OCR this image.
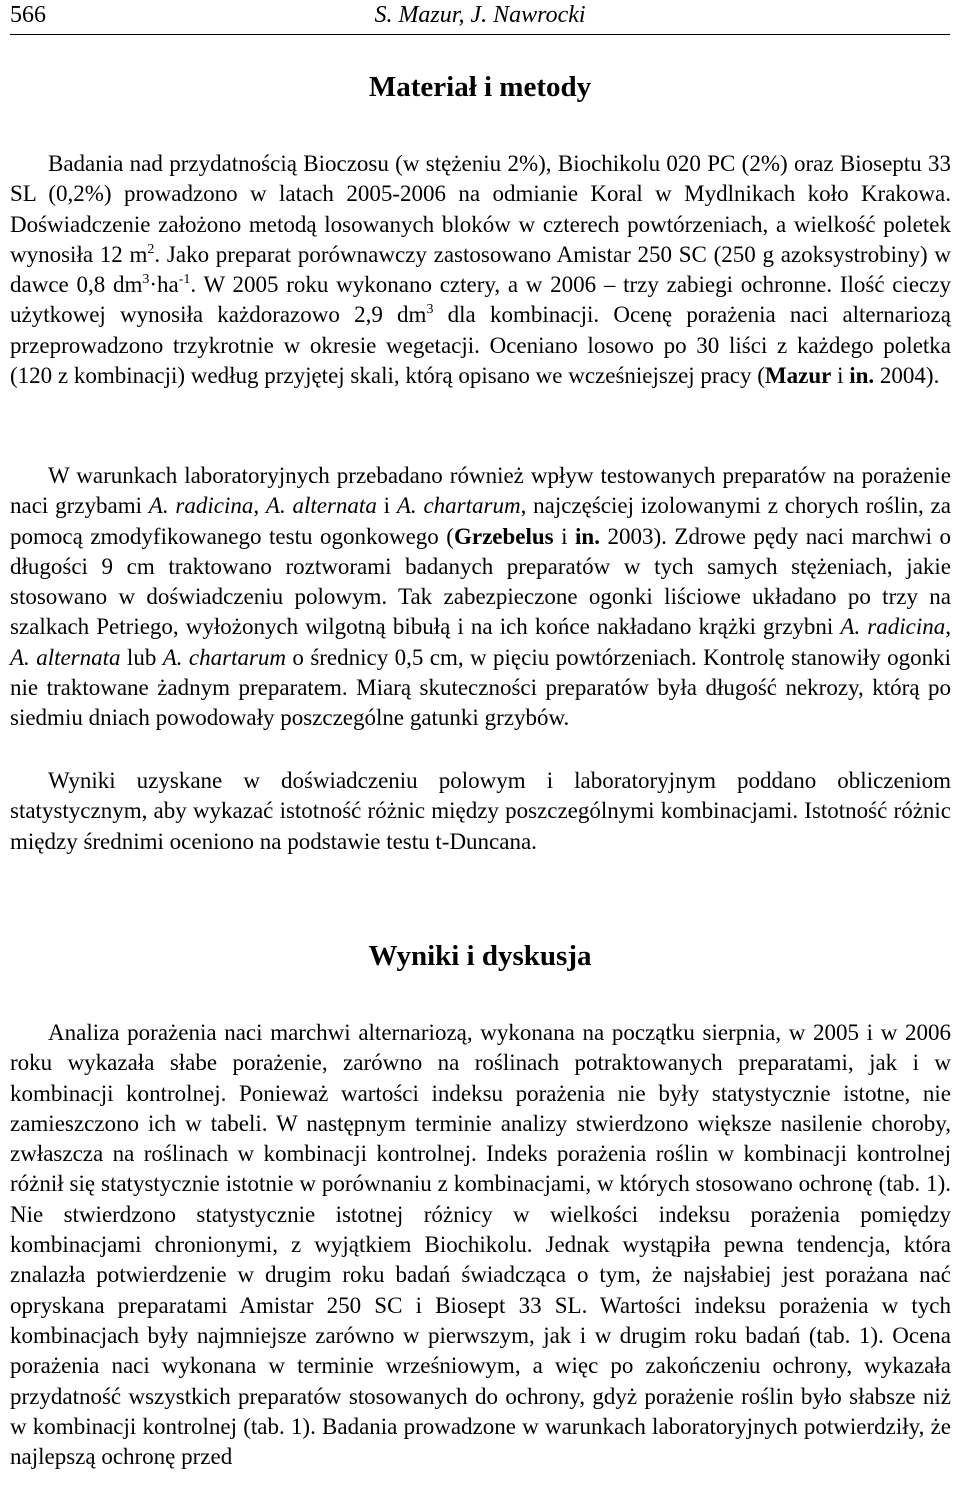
566	S. Mazur, J. Nawrocki
Materiał i metody

Badania nad przydatnością Bioczosu (w stężeniu 2%), Biochikolu 020 PC (2%) oraz Bioseptu 33 SL (0,2%) prowadzono w latach 2005-2006 na odmianie Koral w Mydlnikach koło Krakowa. Doświadczenie założono metodą losowanych bloków w czterech powtórzeniach, a wielkość poletek wynosiła 12 $m^2$. Jako preparat porównawczy zastosowano Amistar 250 SC (250 g azoksystrobiny) w dawce 0,8 $dm^3\cdot ha^{-1}$. W 2005 roku wykonano cztery, a w 2006 – trzy zabiegi ochronne. Ilość cieczy użytkowej wynosiła każdorazowo 2,9 $dm^3$ dla kombinacji. Ocenę porażenia naci alternariozą przeprowadzono trzykrotnie w okresie wegetacji. Oceniano losowo po 30 liści z każdego poletka (120 z kombinacji) według przyjętej skali, którą opisano we wcześniejszej pracy (Mazur i in. 2004).

W warunkach laboratoryjnych przebadano również wpływ testowanych preparatów na porażenie naci grzybami A. radicina, A. alternata i A. chartarum, najczęściej izolowanymi z chorych roślin, za pomocą zmodyfikowanego testu ogonkowego (Grzebelus i in. 2003). Zdrowe pędy naci marchwi o długości 9 cm traktowano roztworami badanych preparatów w tych samych stężeniach, jakie stosowano w doświadczeniu polowym. Tak zabezpieczone ogonki liściowe układano po trzy na szalkach Petriego, wyłożonych wilgotną bibułą i na ich końce nakładano krążki grzybni A. radicina, A. alternata lub A. chartarum o średnicy 0,5 cm, w pięciu powtórzeniach. Kontrolę stanowiły ogonki nie traktowane żadnym preparatem. Miarą skuteczności preparatów była długość nekrozy, którą po siedmiu dniach powodowały poszczególne gatunki grzybów.

Wyniki uzyskane w doświadczeniu polowym i laboratoryjnym poddano obliczeniom statystycznym, aby wykazać istotność różnic między poszczególnymi kombinacjami. Istotność różnic między średnimi oceniono na podstawie testu t-Duncana.

Wyniki i dyskusja

Analiza porażenia naci marchwi alternariozą, wykonana na początku sierpnia, w 2005 i w 2006 roku wykazała słabe porażenie, zarówno na roślinach potraktowanych preparatami, jak i w kombinacji kontrolnej. Ponieważ wartości indeksu porażenia nie były statystycznie istotne, nie zamieszczono ich w tabeli. W następnym terminie analizy stwierdzono większe nasilenie choroby, zwłaszcza na roślinach w kombinacji kontrolnej. Indeks porażenia roślin w kombinacji kontrolnej różnił się statystycznie istotnie w porównaniu z kombinacjami, w których stosowano ochronę (tab. 1). Nie stwierdzono statystycznie istotnej różnicy w wielkości indeksu porażenia pomiędzy kombinacjami chronionymi, z wyjątkiem Biochikolu. Jednak wystąpiła pewna tendencja, która znalazła potwierdzenie w drugim roku badań świadcząca o tym, że najsłabiej jest porażana nać opryskana preparatami Amistar 250 SC i Biosept 33 SL. Wartości indeksu porażenia w tych kombinacjach były najmniejsze zarówno w pierwszym, jak i w drugim roku badań (tab. 1). Ocena porażenia naci wykonana w terminie wrześniowym, a więc po zakończeniu ochrony, wykazała przydatność wszystkich preparatów stosowanych do ochrony, gdyż porażenie roślin było słabsze niż w kombinacji kontrolnej (tab. 1). Badania prowadzone w warunkach laboratoryjnych potwierdziły, że najlepszą ochronę przed
